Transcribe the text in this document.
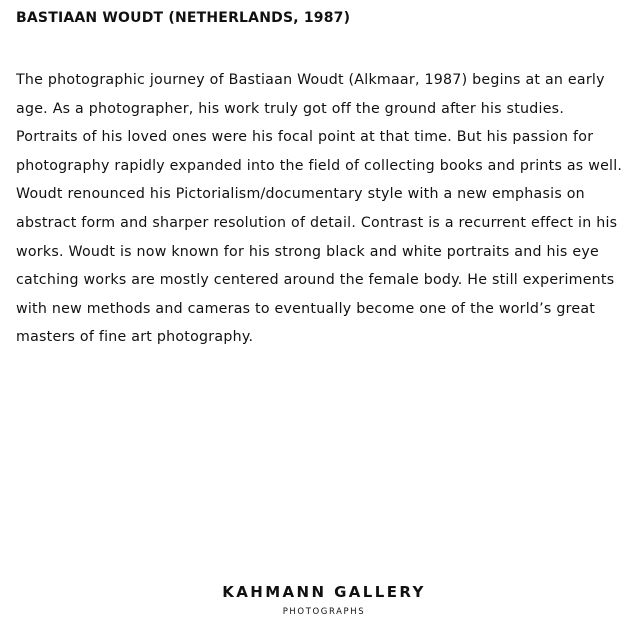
BASTIAAN WOUDT (NETHERLANDS, 1987)

The photographic journey of Bastiaan Woudt (Alkmaar, 1987) begins at an early age. As a photographer, his work truly got off the ground after his studies. Portraits of his loved ones were his focal point at that time. But his passion for photography rapidly expanded into the field of collecting books and prints as well. Woudt renounced his Pictorialism/documentary style with a new emphasis on abstract form and sharper resolution of detail. Contrast is a recurrent effect in his works. Woudt is now known for his strong black and white portraits and his eye catching works are mostly centered around the female body. He still experiments with new methods and cameras to eventually become one of the world’s great masters of fine art photography.

KAHMANN GALLERY
PHOTOGRAPHS
